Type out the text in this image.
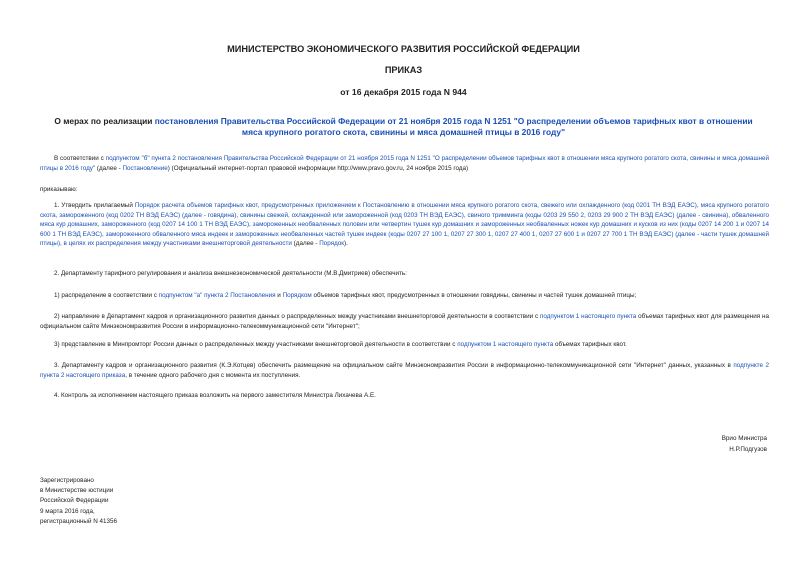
МИНИСТЕРСТВО ЭКОНОМИЧЕСКОГО РАЗВИТИЯ РОССИЙСКОЙ ФЕДЕРАЦИИ
ПРИКАЗ
от 16 декабря 2015 года N 944
О мерах по реализации постановления Правительства Российской Федерации от 21 ноября 2015 года N 1251 "О распределении объемов тарифных квот в отношении мяса крупного рогатого скота, свинины и мяса домашней птицы в 2016 году"
В соответствии с подпунктом "б" пункта 2 постановления Правительства Российской Федерации от 21 ноября 2015 года N 1251 "О распределении объемов тарифных квот в отношении мяса крупного рогатого скота, свинины и мяса домашней птицы в 2016 году" (далее - Постановление) (Официальный интернет-портал правовой информации http://www.pravo.gov.ru, 24 ноября 2015 года)
приказываю:
1. Утвердить прилагаемый Порядок расчета объемов тарифных квот, предусмотренных приложением к Постановлению в отношении мяса крупного рогатого скота, свежего или охлажденного (код 0201 ТН ВЭД ЕАЭС), мяса крупного рогатого скота, замороженного (код 0202 ТН ВЭД ЕАЭС) (далее - говядина), свинины свежей, охлажденной или замороженной (код 0203 ТН ВЭД ЕАЭС), свиного тримминга (коды 0203 29 550 2, 0203 29 900 2 ТН ВЭД ЕАЭС) (далее - свинина), обваленного мяса кур домашних, замороженного (код 0207 14 100 1 ТН ВЭД ЕАЭС), замороженных необваленных половин или четвертин тушек кур домашних и замороженных необваленных ножек кур домашних и кусков из них (коды 0207 14 200 1 и 0207 14 600 1 ТН ВЭД ЕАЭС), замороженного обваленного мяса индеек и замороженных необваленных частей тушек индеек (коды 0207 27 100 1, 0207 27 300 1, 0207 27 400 1, 0207 27 600 1 и 0207 27 700 1 ТН ВЭД ЕАЭС) (далее - части тушек домашней птицы), в целях их распределения между участниками внешнеторговой деятельности (далее - Порядок).
2. Департаменту тарифного регулирования и анализа внешнеэкономической деятельности (М.В.Дмитриев) обеспечить:
1) распределение в соответствии с подпунктом "а" пункта 2 Постановления и Порядком объемов тарифных квот, предусмотренных в отношении говядины, свинины и частей тушек домашней птицы;
2) направление в Департамент кадров и организационного развития данных о распределенных между участниками внешнеторговой деятельности в соответствии с подпунктом 1 настоящего пункта объемах тарифных квот для размещения на официальном сайте Минэкономразвития России в информационно-телекоммуникационной сети "Интернет";
3) представление в Минпромторг России данных о распределенных между участниками внешнеторговой деятельности в соответствии с подпунктом 1 настоящего пункта объемах тарифных квот.
3. Департаменту кадров и организационного развития (К.Э.Котцев) обеспечить размещение на официальном сайте Минэкономразвития России в информационно-телекоммуникационной сети "Интернет" данных, указанных в подпункте 2 пункта 2 настоящего приказа, в течение одного рабочего дня с момента их поступления.
4. Контроль за исполнением настоящего приказа возложить на первого заместителя Министра Лихачева А.Е.
Врио Министра
Н.Р.Подгузов
Зарегистрировано
в Министерстве юстиции
Российской Федерации
9 марта 2016 года,
регистрационный N 41356
